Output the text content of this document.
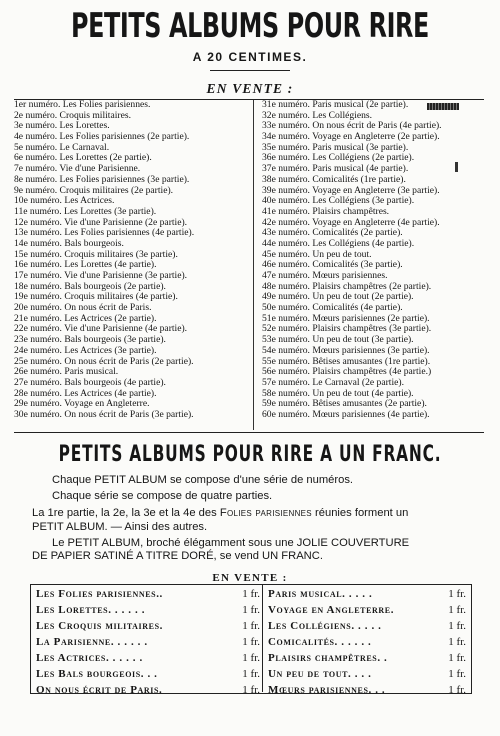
PETITS ALBUMS POUR RIRE
A 20 CENTIMES.
EN VENTE :
1er numéro. Les Folies parisiennes.
2e numéro. Croquis militaires.
3e numéro. Les Lorettes.
4e numéro. Les Folies parisiennes (2e partie).
5e numéro. Le Carnaval.
6e numéro. Les Lorettes (2e partie).
7e numéro. Vie d'une Parisienne.
8e numéro. Les Folies parisiennes (3e partie).
9e numéro. Croquis militaires (2e partie).
10e numéro. Les Actrices.
11e numéro. Les Lorettes (3e partie).
12e numéro. Vie d'une Parisienne (2e partie).
13e numéro. Les Folies parisiennes (4e partie).
14e numéro. Bals bourgeois.
15e numéro. Croquis militaires (3e partie).
16e numéro. Les Lorettes (4e partie).
17e numéro. Vie d'une Parisienne (3e partie).
18e numéro. Bals bourgeois (2e partie).
19e numéro. Croquis militaires (4e partie).
20e numéro. On nous écrit de Paris.
21e numéro. Les Actrices (2e partie).
22e numéro. Vie d'une Parisienne (4e partie).
23e numéro. Bals bourgeois (3e partie).
24e numéro. Les Actrices (3e partie).
25e numéro. On nous écrit de Paris (2e partie).
26e numéro. Paris musical.
27e numéro. Bals bourgeois (4e partie).
28e numéro. Les Actrices (4e partie).
29e numéro. Voyage en Angleterre.
30e numéro. On nous écrit de Paris (3e partie).
31e numéro. Paris musical (2e partie).
32e numéro. Les Collégiens.
33e numéro. On nous écrit de Paris (4e partie).
34e numéro. Voyage en Angleterre (2e partie).
35e numéro. Paris musical (3e partie).
36e numéro. Les Collégiens (2e partie).
37e numéro. Paris musical (4e partie).
38e numéro. Comicalités (1re partie).
39e numéro. Voyage en Angleterre (3e partie).
40e numéro. Les Collégiens (3e partie).
41e numéro. Plaisirs champêtres.
42e numéro. Voyage en Angleterre (4e partie).
43e numéro. Comicalités (2e partie).
44e numéro. Les Collégiens (4e partie).
45e numéro. Un peu de tout.
46e numéro. Comicalités (3e partie).
47e numéro. Mœurs parisiennes.
48e numéro. Plaisirs champêtres (2e partie).
49e numéro. Un peu de tout (2e partie).
50e numéro. Comicalités (4e partie).
51e numéro. Mœurs parisiennes (2e partie).
52e numéro. Plaisirs champêtres (3e partie).
53e numéro. Un peu de tout (3e partie).
54e numéro. Mœurs parisiennes (3e partie).
55e numéro. Bêtises amusantes (1re partie).
56e numéro. Plaisirs champêtres (4e partie.)
57e numéro. Le Carnaval (2e partie).
58e numéro. Un peu de tout (4e partie).
59e numéro. Bêtises amusantes (2e partie).
60e numéro. Mœurs parisiennes (4e partie).
PETITS ALBUMS POUR RIRE A UN FRANC.
Chaque PETIT ALBUM se compose d'une série de numéros.
Chaque série se compose de quatre parties.
La 1re partie, la 2e, la 3e et la 4e des Folies parisiennes réunies forment un
PETIT ALBUM. — Ainsi des autres.
Le PETIT ALBUM, broché élégamment sous une JOLIE COUVERTURE
DE PAPIER SATINÉ A TITRE DORÉ, se vend UN FRANC.
EN VENTE :
Les Folies parisiennes..	1 fr.
Les Lorettes. . . . . .	1 fr.
Les Croquis militaires.	1 fr.
La Parisienne. . . . . .	1 fr.
Les Actrices. . . . . .	1 fr.
Les Bals bourgeois. . .	1 fr.
On nous écrit de Paris.	1 fr.
Paris musical. . . . .	1 fr.
Voyage en Angleterre.	1 fr.
Les Collégiens. . . . .	1 fr.
Comicalités. . . . . .	1 fr.
Plaisirs champêtres. .	1 fr.
Un peu de tout. . . .	1 fr.
Mœurs parisiennes. . .	1 fr.
